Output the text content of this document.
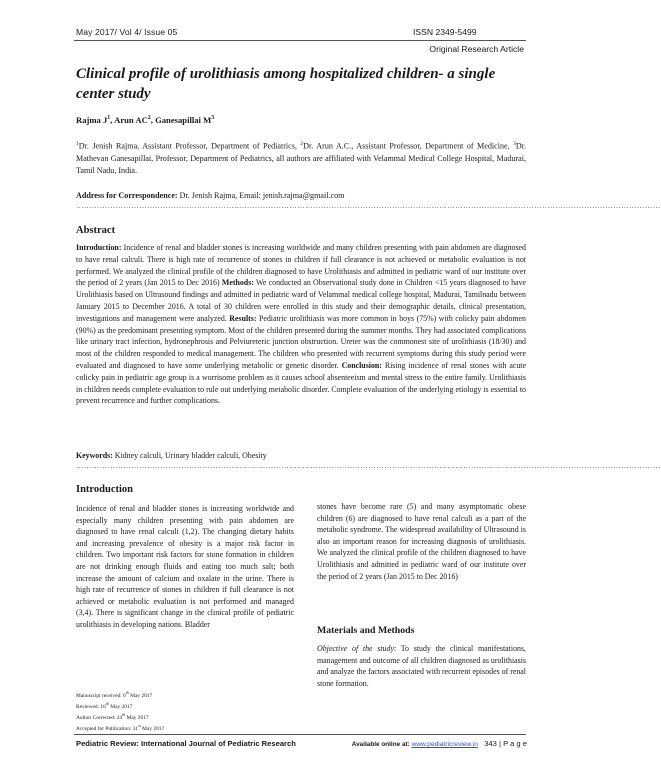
May 2017/ Vol 4/ Issue 05	ISSN 2349-5499
Original Research Article
Clinical profile of urolithiasis among hospitalized children- a single center study
Rajma $J^1$, Arun $AC^2$, Ganesapillai $M^3$
$^1$Dr. Jenish Rajma, Assistant Professor, Department of Pediatrics, $^2$Dr. Arun A.C., Assistant Professor, Department of Medicine, $^3$Dr. Mathevan Ganesapillai, Professor, Department of Pediatrics, all authors are affiliated with Velammal Medical College Hospital, Madurai, Tamil Nadu, India.
Address for Correspondence: Dr. Jenish Rajma, Email: jenish.rajma@gmail.com
……………………………………………………………………………………………………………………………………………………………………………………………………
Abstract
Introduction: Incidence of renal and bladder stones is increasing worldwide and many children presenting with pain abdomen are diagnosed to have renal calculi. There is high rate of recurrence of stones in children if full clearance is not achieved or metabolic evaluation is not performed. We analyzed the clinical profile of the children diagnosed to have Urolithiasis and admitted in pediatric ward of our institute over the period of 2 years (Jan 2015 to Dec 2016) Methods: We conducted an Observational study done in Children <15 years diagnosed to have Urolithiasis based on Ultrasound findings and admitted in pediatric ward of Velammal medical college hospital, Madurai, Tamilnadu between January 2015 to December 2016. A total of 30 children were enrolled in this study and their demographic details, clinical presentation, investigations and management were analyzed. Results: Pediatric urolithiasis was more common in boys (75%) with colicky pain abdomen (90%) as the predominant presenting symptom. Most of the children presented during the summer months. They had associated complications like urinary tract infection, hydronephrosis and Pelviureteric junction obstruction. Ureter was the commonest site of urolithiasis (18/30) and most of the children responded to medical management. The children who presented with recurrent symptoms during this study period were evaluated and diagnosed to have some underlying metabolic or genetic disorder. Conclusion: Rising incidence of renal stones with acute colicky pain in pediatric age group is a worrisome problem as it causes school absenteeism and mental stress to the entire family. Urolithiasis in children needs complete evaluation to rule out underlying metabolic disorder. Complete evaluation of the underlying etiology is essential to prevent recurrence and further complications.
Keywords: Kidney calculi, Urinary bladder calculi, Obesity
……………………………………………………………………………………………………………………………………………………………………………………………………
Introduction
Incidence of renal and bladder stones is increasing worldwide and especially many children presenting with pain abdomen are diagnosed to have renal calculi (1,2). The changing dietary habits and increasing prevalence of obesity is a major risk factor in children. Two important risk factors for stone formation in children are not drinking enough fluids and eating too much salt; both increase the amount of calcium and oxalate in the urine. There is high rate of recurrence of stones in children if full clearance is not achieved or metabolic evaluation is not performed and managed (3,4). There is significant change in the clinical profile of pediatric urolithiasis in developing nations. Bladder
Manuscript received: 6th May 2017
Reviewed: 16th May 2017
Author Corrected: 24th May 2017
Accepted for Publication: 31st May 2017
stones have become rare (5) and many asymptomatic obese children (6) are diagnosed to have renal calculi as a part of the metabolic syndrome. The widespread availability of Ultrasound is also an important reason for increasing diagnosis of urolithiasis. We analyzed the clinical profile of the children diagnosed to have Urolithiasis and admitted in pediatric ward of our institute over the period of 2 years (Jan 2015 to Dec 2016)
Materials and Methods
Objective of the study: To study the clinical manifestations, management and outcome of all children diagnosed as urolithiasis and analyze the factors associated with recurrent episodes of renal stone formation.
Pediatric Review: International Journal of Pediatric Research	Available online at: www.pediatricreview.in   343 | P a g e
